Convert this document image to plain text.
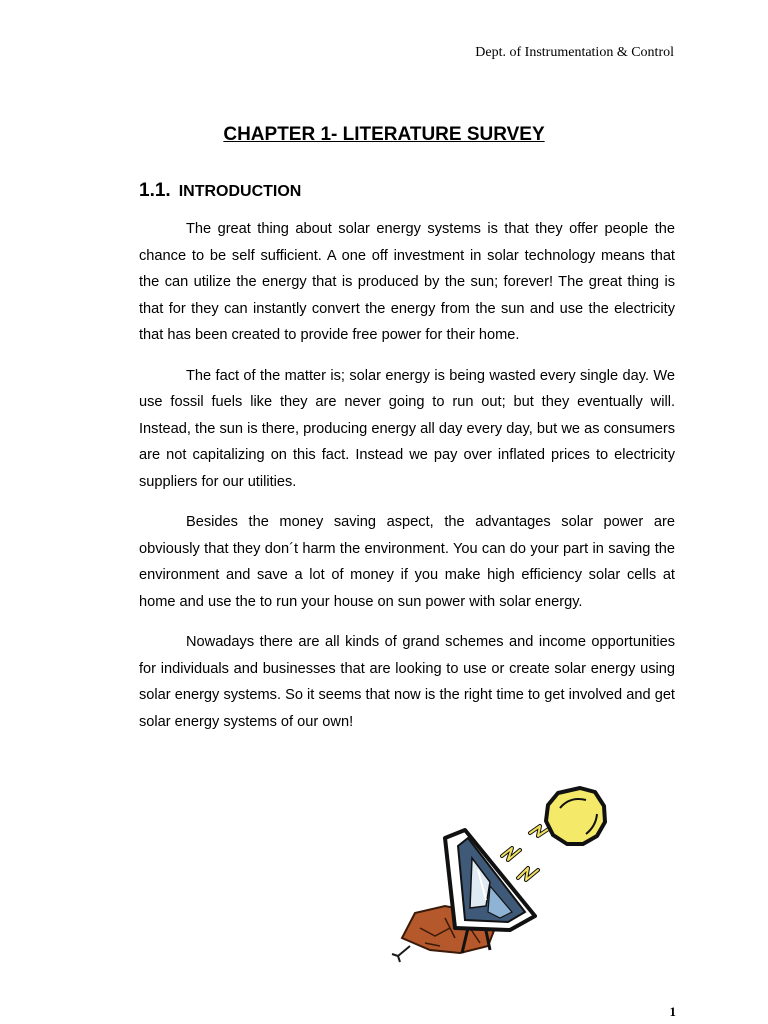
Dept. of Instrumentation & Control
CHAPTER 1- LITERATURE SURVEY
1.1. INTRODUCTION

The great thing about solar energy systems is that they offer people the chance to be self sufficient. A one off investment in solar technology means that the can utilize the energy that is produced by the sun; forever! The great thing is that for they can instantly convert the energy from the sun and use the electricity that has been created to provide free power for their home.

The fact of the matter is; solar energy is being wasted every single day. We use fossil fuels like they are never going to run out; but they eventually will. Instead, the sun is there, producing energy all day every day, but we as consumers are not capitalizing on this fact. Instead we pay over inflated prices to electricity suppliers for our utilities.

Besides the money saving aspect, the advantages solar power are obviously that they don´t harm the environment. You can do your part in saving the environment and save a lot of money if you make high efficiency solar cells at home and use the to run your house on sun power with solar energy.

Nowadays there are all kinds of grand schemes and income opportunities for individuals and businesses that are looking to use or create solar energy using solar energy systems. So it seems that now is the right time to get involved and get solar energy systems of our own!

1
